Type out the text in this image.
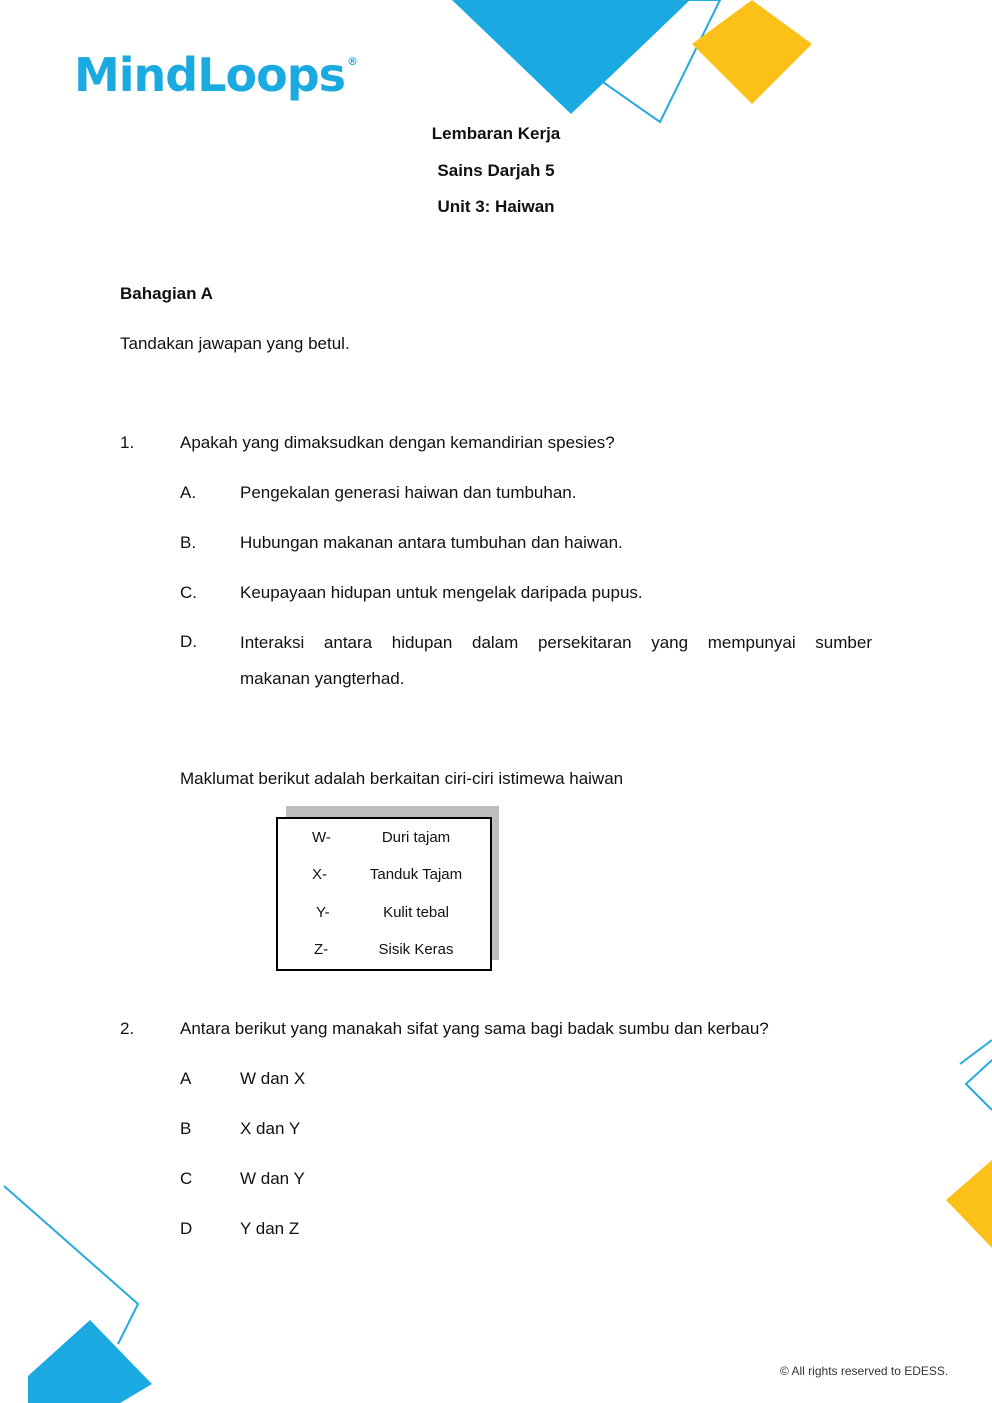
MindLoops ®
Lembaran Kerja
Sains Darjah 5
Unit 3: Haiwan
Bahagian A
Tandakan jawapan yang betul.
1.	Apakah yang dimaksudkan dengan kemandirian spesies?
A.	Pengekalan generasi haiwan dan tumbuhan.
B.	Hubungan makanan antara tumbuhan dan haiwan.
C.	Keupayaan hidupan untuk mengelak daripada pupus.
D.	Interaksi antara hidupan dalam persekitaran yang mempunyai sumber
makanan yangterhad.
Maklumat berikut adalah berkaitan ciri-ciri istimewa haiwan
W-	Duri tajam
X-	Tanduk Tajam
Y-	Kulit tebal
Z-	Sisik Keras
2.	Antara berikut yang manakah sifat yang sama bagi badak sumbu dan kerbau?
A	W dan X
B	X dan Y
C	W dan Y
D	Y dan Z
© All rights reserved to EDESS.
